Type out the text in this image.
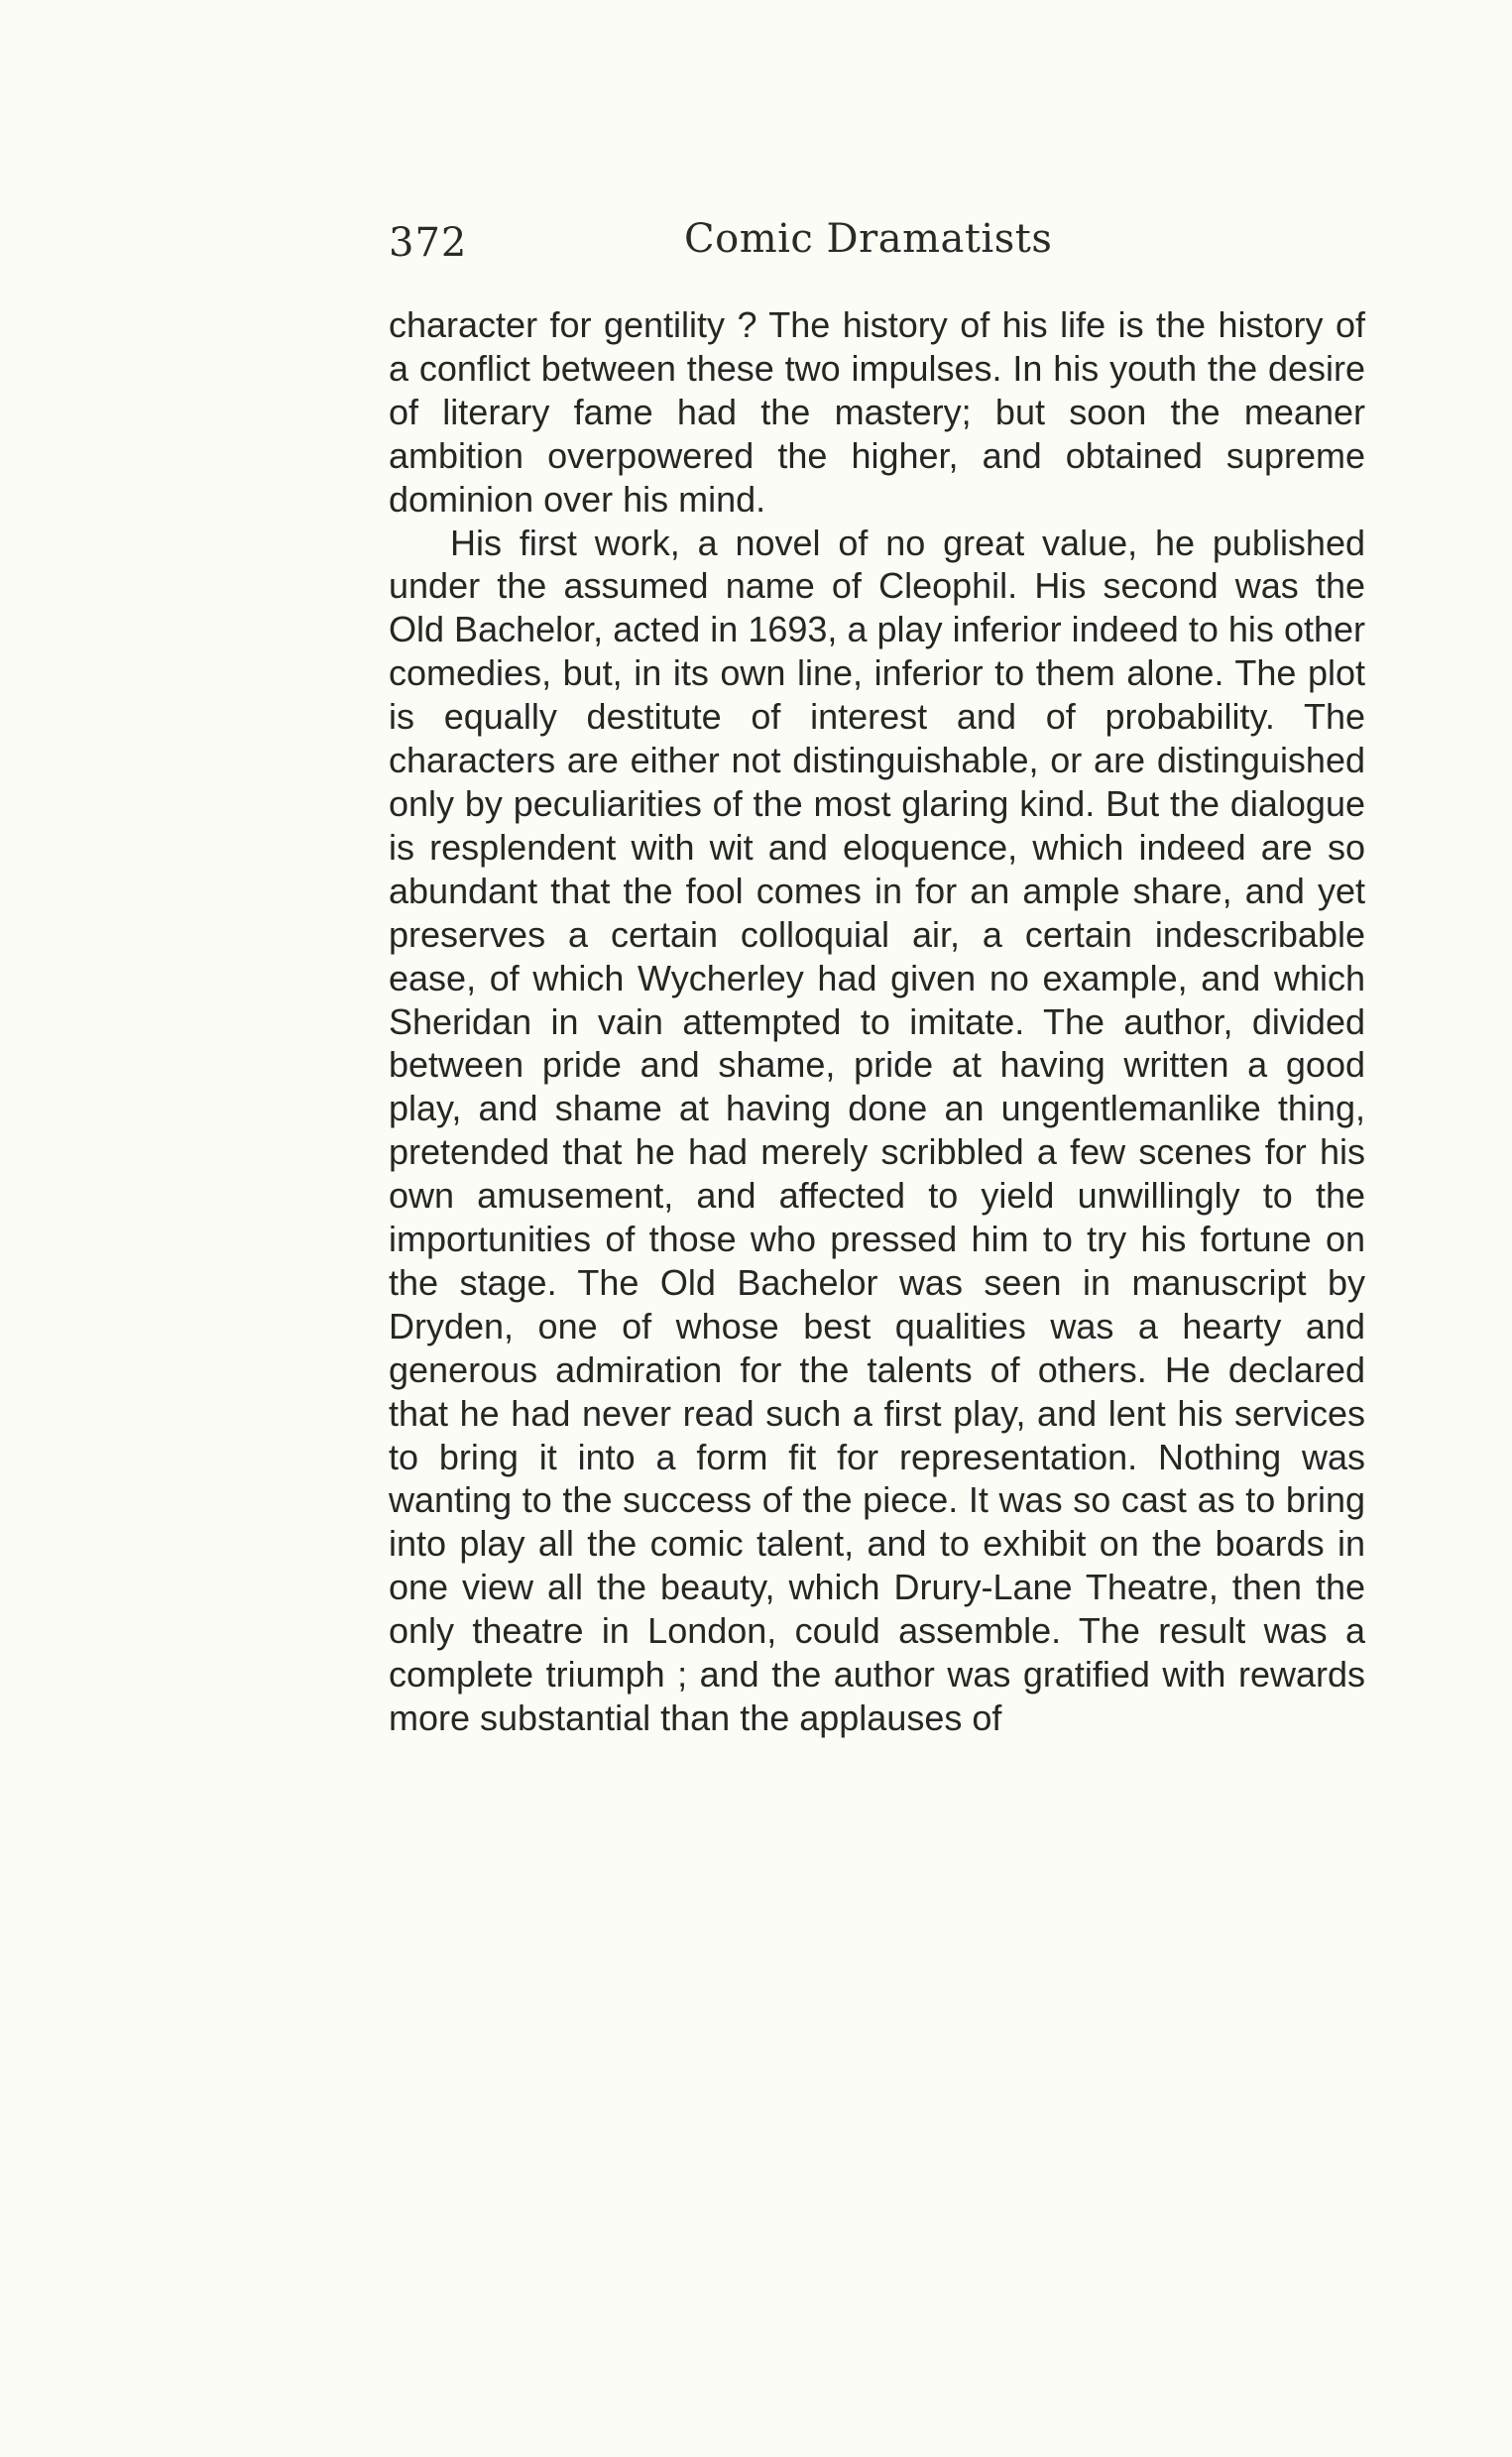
372	Comic Dramatists

character for gentility ? The history of his life is the history of a conflict between these two impulses. In his youth the desire of literary fame had the mastery; but soon the meaner ambition overpowered the higher, and obtained supreme dominion over his mind.

His first work, a novel of no great value, he published under the assumed name of Cleophil. His second was the Old Bachelor, acted in 1693, a play inferior indeed to his other comedies, but, in its own line, inferior to them alone. The plot is equally destitute of interest and of probability. The characters are either not distinguishable, or are distinguished only by peculiarities of the most glaring kind. But the dialogue is resplendent with wit and eloquence, which indeed are so abundant that the fool comes in for an ample share, and yet preserves a certain colloquial air, a certain indescribable ease, of which Wycherley had given no example, and which Sheridan in vain attempted to imitate. The author, divided between pride and shame, pride at having written a good play, and shame at having done an ungentlemanlike thing, pretended that he had merely scribbled a few scenes for his own amusement, and affected to yield unwillingly to the importunities of those who pressed him to try his fortune on the stage. The Old Bachelor was seen in manuscript by Dryden, one of whose best qualities was a hearty and generous admiration for the talents of others. He declared that he had never read such a first play, and lent his services to bring it into a form fit for representation. Nothing was wanting to the success of the piece. It was so cast as to bring into play all the comic talent, and to exhibit on the boards in one view all the beauty, which Drury-Lane Theatre, then the only theatre in London, could assemble. The result was a complete triumph ; and the author was gratified with rewards more substantial than the applauses of
